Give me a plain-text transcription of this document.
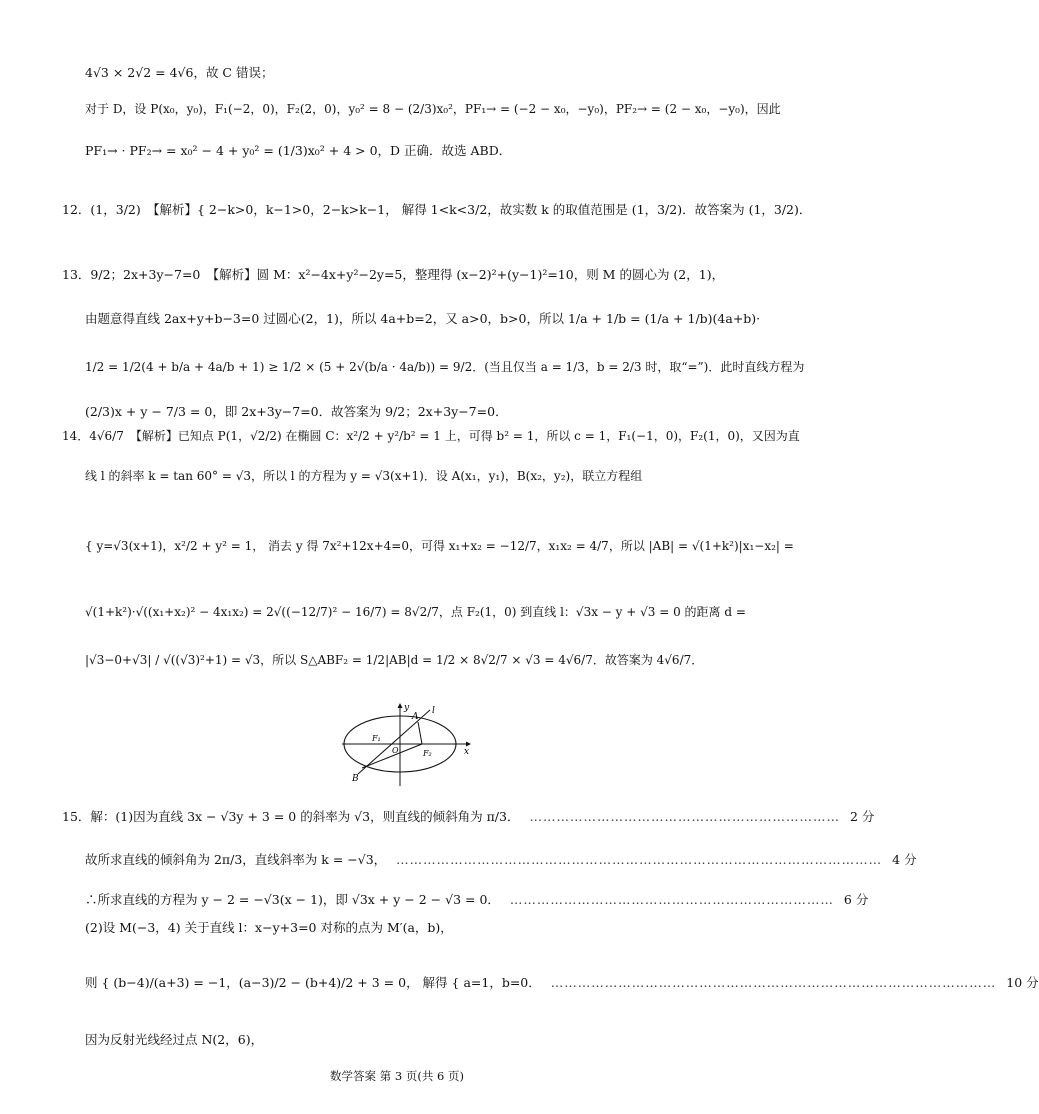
4√3 × 2√2 = 4√6，故 C 错误；
对于 D，设 P(x₀，y₀)，F₁(−2，0)，F₂(2，0)，y₀² = 8 − (2/3)x₀²，PF₁→ = (−2 − x₀，−y₀)，PF₂→ = (2 − x₀，−y₀)，因此
PF₁→ · PF₂→ = x₀² − 4 + y₀² = (1/3)x₀² + 4 > 0，D 正确．故选 ABD．
12．(1，3/2)　【解析】{ 2−k>0，k−1>0，2−k>k−1， 解得 1<k<3/2，故实数 k 的取值范围是 (1，3/2)．故答案为 (1，3/2)．
13．9/2；2x+3y−7=0　【解析】圆 M：x²−4x+y²−2y=5，整理得 (x−2)²+(y−1)²=10，则 M 的圆心为 (2，1)，
由题意得直线 2ax+y+b−3=0 过圆心(2，1)，所以 4a+b=2，又 a>0，b>0，所以 1/a + 1/b = (1/a + 1/b)(4a+b)·
1/2 = 1/2(4 + b/a + 4a/b + 1) ≥ 1/2 × (5 + 2√(b/a · 4a/b)) = 9/2．(当且仅当 a = 1/3，b = 2/3 时，取“=”)．此时直线方程为
(2/3)x + y − 7/3 = 0，即 2x+3y−7=0．故答案为 9/2；2x+3y−7=0．
14．4√6/7　【解析】已知点 P(1，√2/2) 在椭圆 C：x²/2 + y²/b² = 1 上，可得 b² = 1，所以 c = 1，F₁(−1，0)，F₂(1，0)，又因为直
线 l 的斜率 k = tan 60° = √3，所以 l 的方程为 y = √3(x+1)．设 A(x₁，y₁)，B(x₂，y₂)，联立方程组
{ y=√3(x+1)，x²/2 + y² = 1， 消去 y 得 7x²+12x+4=0，可得 x₁+x₂ = −12/7，x₁x₂ = 4/7，所以 |AB| = √(1+k²)|x₁−x₂| =
√(1+k²)·√((x₁+x₂)² − 4x₁x₂) = 2√((−12/7)² − 16/7) = 8√2/7，点 F₂(1，0) 到直线 l：√3x − y + √3 = 0 的距离 d =
|√3−0+√3| / √((√3)²+1) = √3，所以 S△ABF₂ = 1/2|AB|d = 1/2 × 8√2/7 × √3 = 4√6/7．故答案为 4√6/7．
y
A
l
F₁
O	F₂	x
B
15．解：(1)因为直线 3x − √3y + 3 = 0 的斜率为 √3，则直线的倾斜角为 π/3． …………………………………………………………… 2 分
故所求直线的倾斜角为 2π/3，直线斜率为 k = −√3， ……………………………………………………………………………………………… 4 分
∴所求直线的方程为 y − 2 = −√3(x − 1)，即 √3x + y − 2 − √3 = 0． ……………………………………………………………… 6 分
(2)设 M(−3，4) 关于直线 l：x−y+3=0 对称的点为 M′(a，b)，
则 { (b−4)/(a+3) = −1，(a−3)/2 − (b+4)/2 + 3 = 0， 解得 { a=1，b=0． ……………………………………………………………………………………… 10 分
因为反射光线经过点 N(2，6)，
数学答案 第 3 页(共 6 页)
